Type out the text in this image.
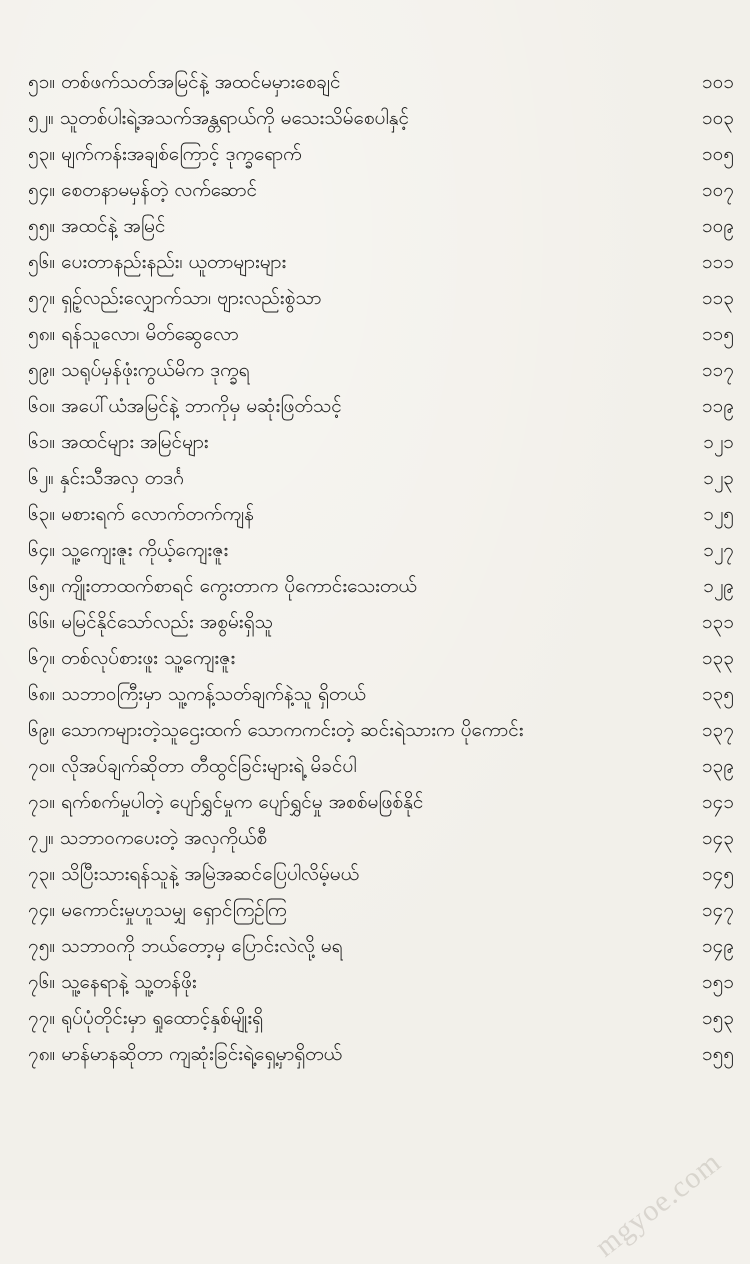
၅၁။ တစ်ဖက်သတ်အမြင်နဲ့ အထင်မမှားစေချင်	၁၀၁
၅၂။ သူတစ်ပါးရဲ့အသက်အန္တရာယ်ကို မသေးသိမ်စေပါနှင့်	၁၀၃
၅၃။ မျက်ကန်းအချစ်ကြောင့် ဒုက္ခရောက်	၁၀၅
၅၄။ စေတနာမမှန်တဲ့ လက်ဆောင်	၁၀၇
၅၅။ အထင်နဲ့ အမြင်	၁၀၉
၅၆။ ပေးတာနည်းနည်း၊ ယူတာများများ	၁၁၁
၅၇။ ရှဉ့်လည်းလျှောက်သာ၊ ဗျားလည်းစွဲသာ	၁၁၃
၅၈။ ရန်သူလော၊ မိတ်ဆွေလော	၁၁၅
၅၉။ သရုပ်မှန်ဖုံးကွယ်မိက ဒုက္ခရ	၁၁၇
၆၀။ အပေါ်ယံအမြင်နဲ့ ဘာကိုမှ မဆုံးဖြတ်သင့်	၁၁၉
၆၁။ အထင်များ အမြင်များ	၁၂၁
၆၂။ နှင်းသီအလှ တဒင်္ဂ	၁၂၃
၆၃။ မစားရက် လောက်တက်ကျန်	၁၂၅
၆၄။ သူ့ကျေးဇူး ကိုယ့်ကျေးဇူး	၁၂၇
၆၅။ ကျိုးတာထက်စာရင် ကွေးတာက ပိုကောင်းသေးတယ်	၁၂၉
၆၆။ မမြင်နိုင်သော်လည်း အစွမ်းရှိသူ	၁၃၁
၆၇။ တစ်လုပ်စားဖူး သူ့ကျေးဇူး	၁၃၃
၆၈။ သဘာဝကြီးမှာ သူ့ကန့်သတ်ချက်နဲ့သူ ရှိတယ်	၁၃၅
၆၉။ သောကများတဲ့သူဌေးထက် သောကကင်းတဲ့ ဆင်းရဲသားက ပိုကောင်း	၁၃၇
၇၀။ လိုအပ်ချက်ဆိုတာ တီထွင်ခြင်းများရဲ့ မိခင်ပါ	၁၃၉
၇၁။ ရက်စက်မှုပါတဲ့ ပျော်ရွှင်မှုက ပျော်ရွှင်မှု အစစ်မဖြစ်နိုင်	၁၄၁
၇၂။ သဘာဝကပေးတဲ့ အလှကိုယ်စီ	၁၄၃
၇၃။ သိပြီးသားရန်သူနဲ့ အမြဲအဆင်ပြေပါလိမ့်မယ်	၁၄၅
၇၄။ မကောင်းမှုဟူသမျှ ရှောင်ကြဉ်ကြ	၁၄၇
၇၅။ သဘာဝကို ဘယ်တော့မှ ပြောင်းလဲလို့ မရ	၁၄၉
၇၆။ သူ့နေရာနဲ့ သူ့တန်ဖိုး	၁၅၁
၇၇။ ရုပ်ပုံတိုင်းမှာ ရှုထောင့်နှစ်မျိုးရှိ	၁၅၃
၇၈။ မာန်မာနဆိုတာ ကျဆုံးခြင်းရဲ့ရှေ့မှာရှိတယ်	၁၅၅
mgyoe.com
